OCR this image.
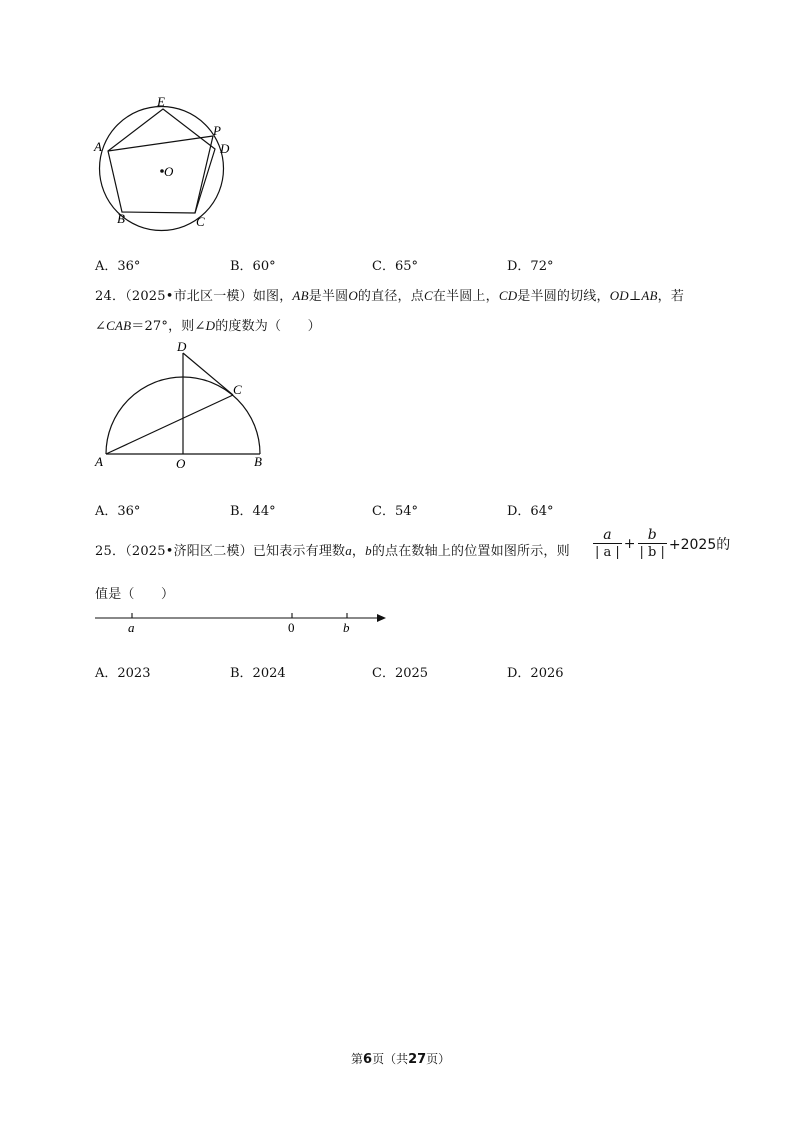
E
P
A	D
O
B	C
A．36°	B．60°	C．65°	D．72°
24．（2025•市北区一模）如图，AB是半圆O的直径，点C在半圆上，CD是半圆的切线，OD⊥AB，若
∠CAB＝27°，则∠D的度数为（　　）
D
C
A	O	B
A．36°	B．44°	C．54°	D．64°
25．（2025•济阳区二模）已知表示有理数a，b的点在数轴上的位置如图所示，则 $\frac{a}{| a |} + \frac{b}{| b |} +2025$的
值是（　　）
a	0	b
A．2023	B．2024	C．2025	D．2026
第6页（共27页）
